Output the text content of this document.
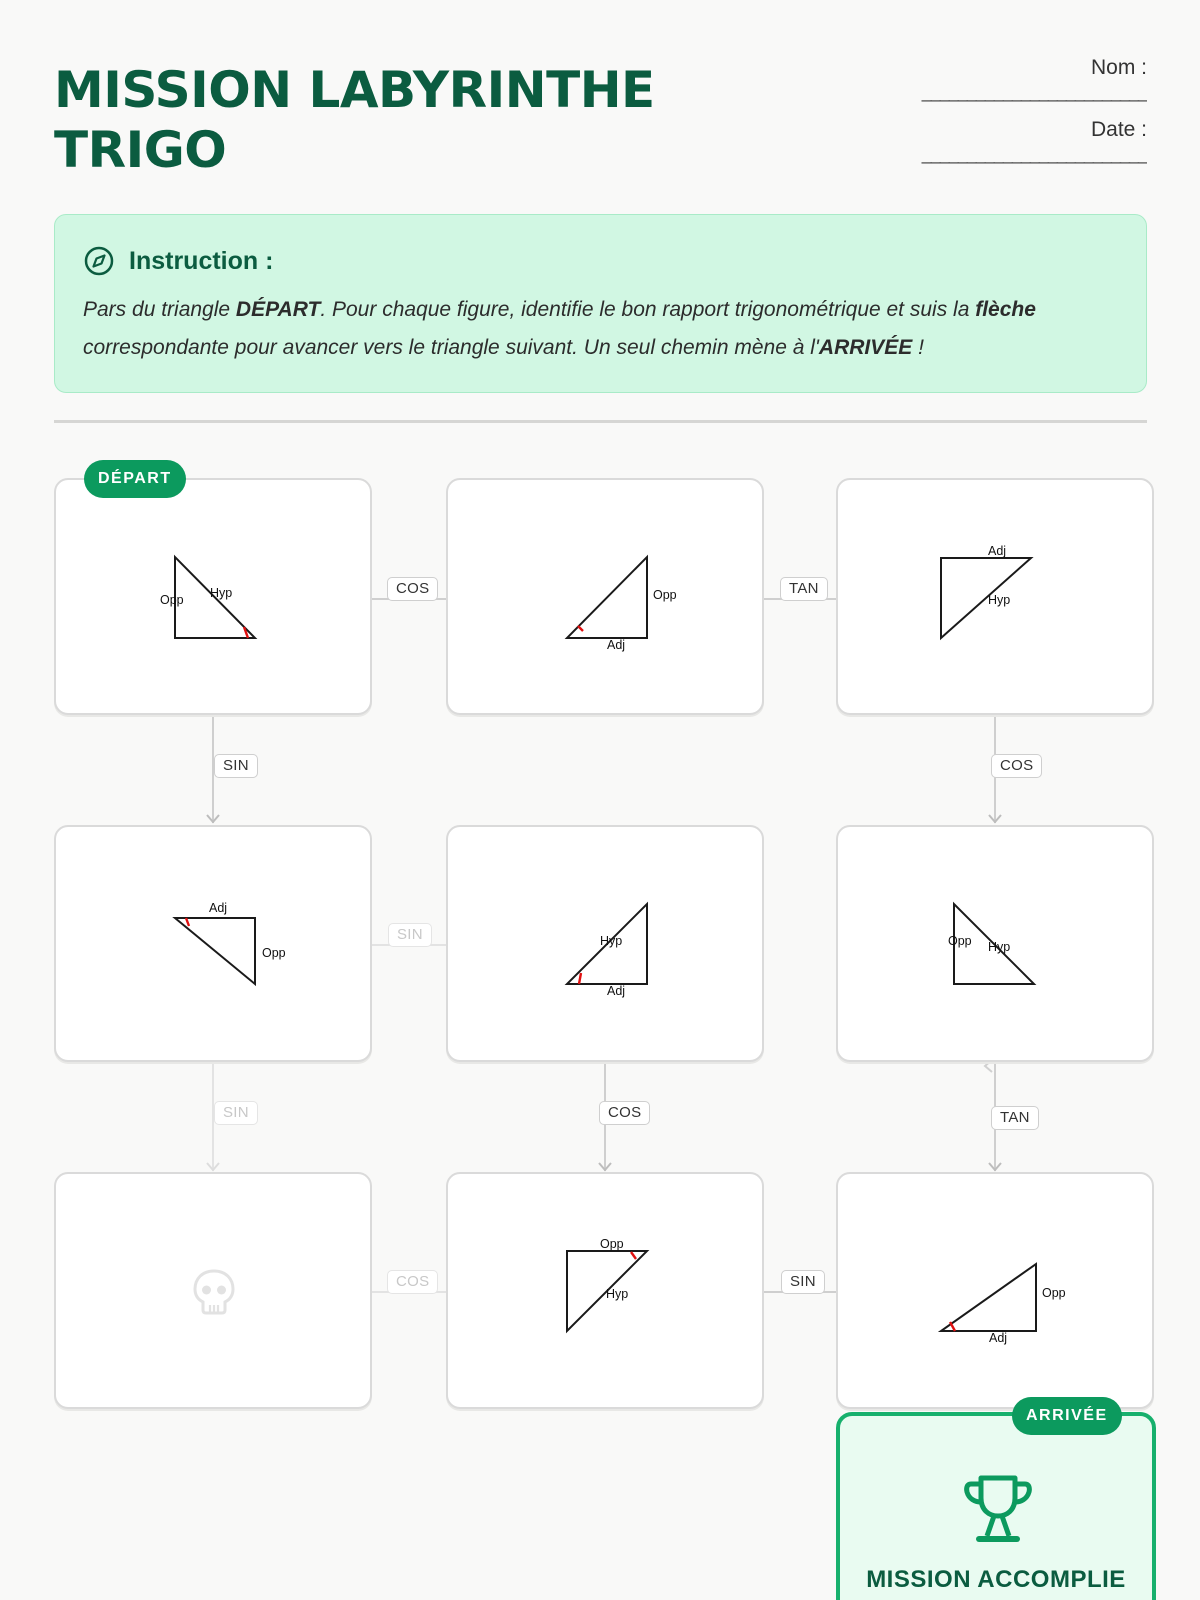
MISSION LABYRINTHE TRIGO
Nom :
_________________________
Date :
_________________________
Instruction :

Pars du triangle DÉPART. Pour chaque figure, identifie le bon rapport trigonométrique et suis la flèche correspondante pour avancer vers le triangle suivant. Un seul chemin mène à l'ARRIVÉE !

COS	TAN
SIN	COS
SIN
SIN	COS	TAN
COS	SIN
Opp Hyp	Opp
Adj
Adj
Hyp
Adj
Opp
Hyp
Adj
Opp Hyp
Opp
Hyp	Opp
Adj
DÉPART
MISSION ACCOMPLIE
ARRIVÉE
